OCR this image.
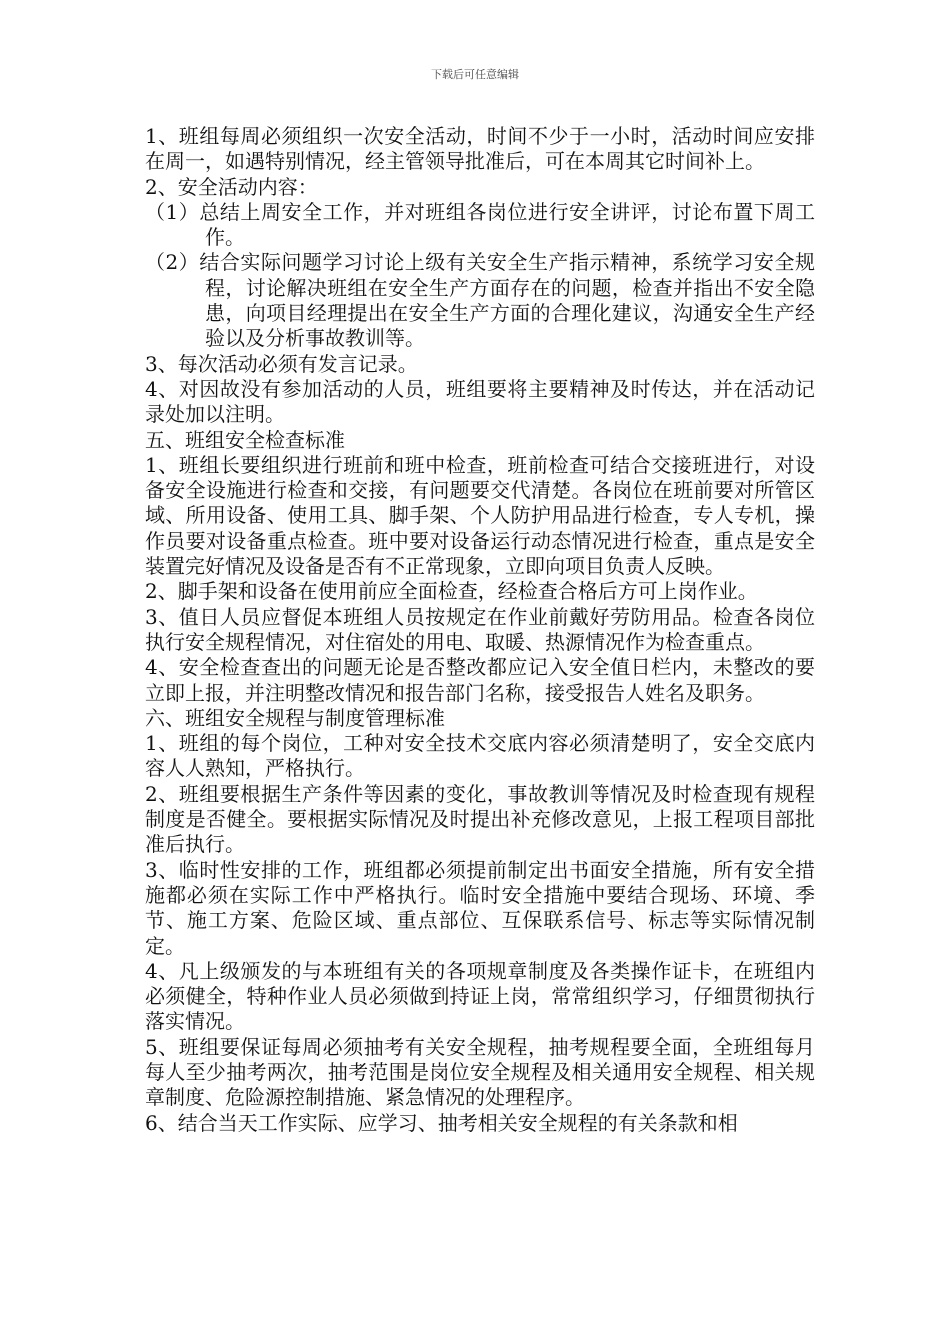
下载后可任意编辑

1、班组每周必须组织一次安全活动，时间不少于一小时，活动时间应安排在周一，如遇特别情况，经主管领导批准后，可在本周其它时间补上。

2、安全活动内容：

（1）总结上周安全工作，并对班组各岗位进行安全讲评，讨论布置下周工作。

（2）结合实际问题学习讨论上级有关安全生产指示精神，系统学习安全规程，讨论解决班组在安全生产方面存在的问题，检查并指出不安全隐患，向项目经理提出在安全生产方面的合理化建议，沟通安全生产经验以及分析事故教训等。

3、每次活动必须有发言记录。

4、对因故没有参加活动的人员，班组要将主要精神及时传达，并在活动记录处加以注明。

五、班组安全检查标准

1、班组长要组织进行班前和班中检查，班前检查可结合交接班进行，对设备安全设施进行检查和交接，有问题要交代清楚。各岗位在班前要对所管区域、所用设备、使用工具、脚手架、个人防护用品进行检查，专人专机，操作员要对设备重点检查。班中要对设备运行动态情况进行检查，重点是安全装置完好情况及设备是否有不正常现象，立即向项目负责人反映。

2、脚手架和设备在使用前应全面检查，经检查合格后方可上岗作业。

3、值日人员应督促本班组人员按规定在作业前戴好劳防用品。检查各岗位执行安全规程情况，对住宿处的用电、取暖、热源情况作为检查重点。

4、安全检查查出的问题无论是否整改都应记入安全值日栏内，未整改的要立即上报，并注明整改情况和报告部门名称，接受报告人姓名及职务。

六、班组安全规程与制度管理标准

1、班组的每个岗位，工种对安全技术交底内容必须清楚明了，安全交底内容人人熟知，严格执行。

2、班组要根据生产条件等因素的变化，事故教训等情况及时检查现有规程制度是否健全。要根据实际情况及时提出补充修改意见，上报工程项目部批准后执行。

3、临时性安排的工作，班组都必须提前制定出书面安全措施，所有安全措施都必须在实际工作中严格执行。临时安全措施中要结合现场、环境、季节、施工方案、危险区域、重点部位、互保联系信号、标志等实际情况制定。

4、凡上级颁发的与本班组有关的各项规章制度及各类操作证卡，在班组内必须健全，特种作业人员必须做到持证上岗，常常组织学习，仔细贯彻执行落实情况。

5、班组要保证每周必须抽考有关安全规程，抽考规程要全面，全班组每月每人至少抽考两次，抽考范围是岗位安全规程及相关通用安全规程、相关规章制度、危险源控制措施、紧急情况的处理程序。

6、结合当天工作实际、应学习、抽考相关安全规程的有关条款和相
